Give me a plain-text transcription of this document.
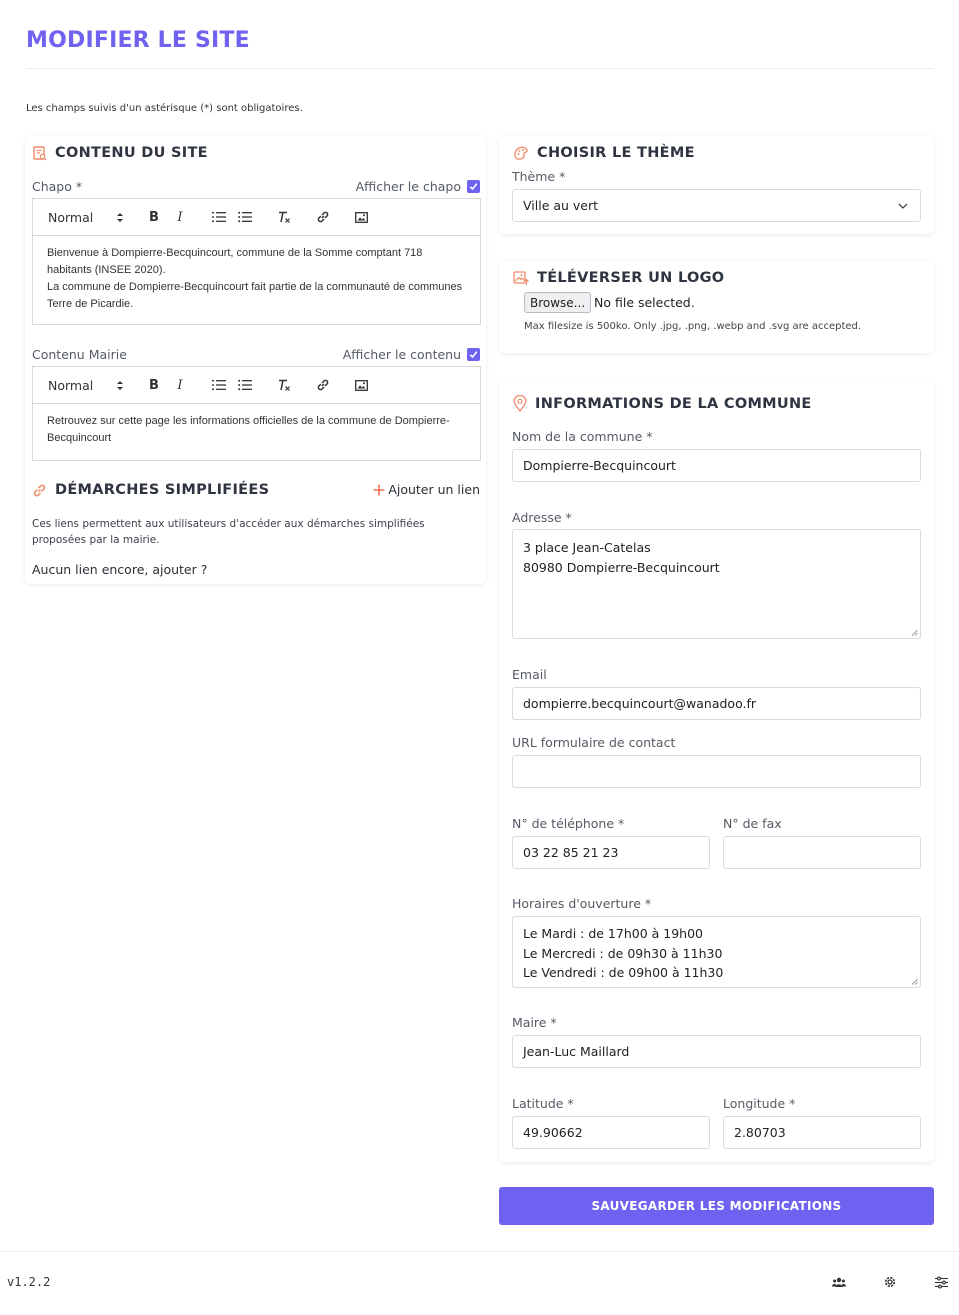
MODIFIER LE SITE
Les champs suivis d'un astérisque (*) sont obligatoires.
CONTENU DU SITE
Chapo *	Afficher le chapo
Normal	B	I

Bienvenue à Dompierre-Becquincourt, commune de la Somme comptant 718 habitants (INSEE 2020).

La commune de Dompierre-Becquincourt fait partie de la communauté de communes Terre de Picardie.

Contenu Mairie	Afficher le contenu
Normal	B	I

Retrouvez sur cette page les informations officielles de la commune de Dompierre-Becquincourt

DÉMARCHES SIMPLIFIÉES	Ajouter un lien
Ces liens permettent aux utilisateurs d'accéder aux démarches simplifiées proposées par la mairie.
Aucun lien encore, ajouter ?
CHOISIR LE THÈME
Thème *
Ville au vert
TÉLÉVERSER UN LOGO
Browse... No file selected.
Max filesize is 500ko. Only .jpg, .png, .webp and .svg are accepted.
INFORMATIONS DE LA COMMUNE
Nom de la commune *
Dompierre-Becquincourt
Adresse *

3 place Jean-Catelas

80980 Dompierre-Becquincourt

Email
dompierre.becquincourt@wanadoo.fr
URL formulaire de contact
N° de téléphone *
03 22 85 21 23
N° de fax
Horaires d'ouverture *

Le Mardi : de 17h00 à 19h00

Le Mercredi : de 09h30 à 11h30

Le Vendredi : de 09h00 à 11h30

Maire *
Jean-Luc Maillard
Latitude *
49.90662
Longitude *
2.80703
SAUVEGARDER LES MODIFICATIONS
v1.2.2
